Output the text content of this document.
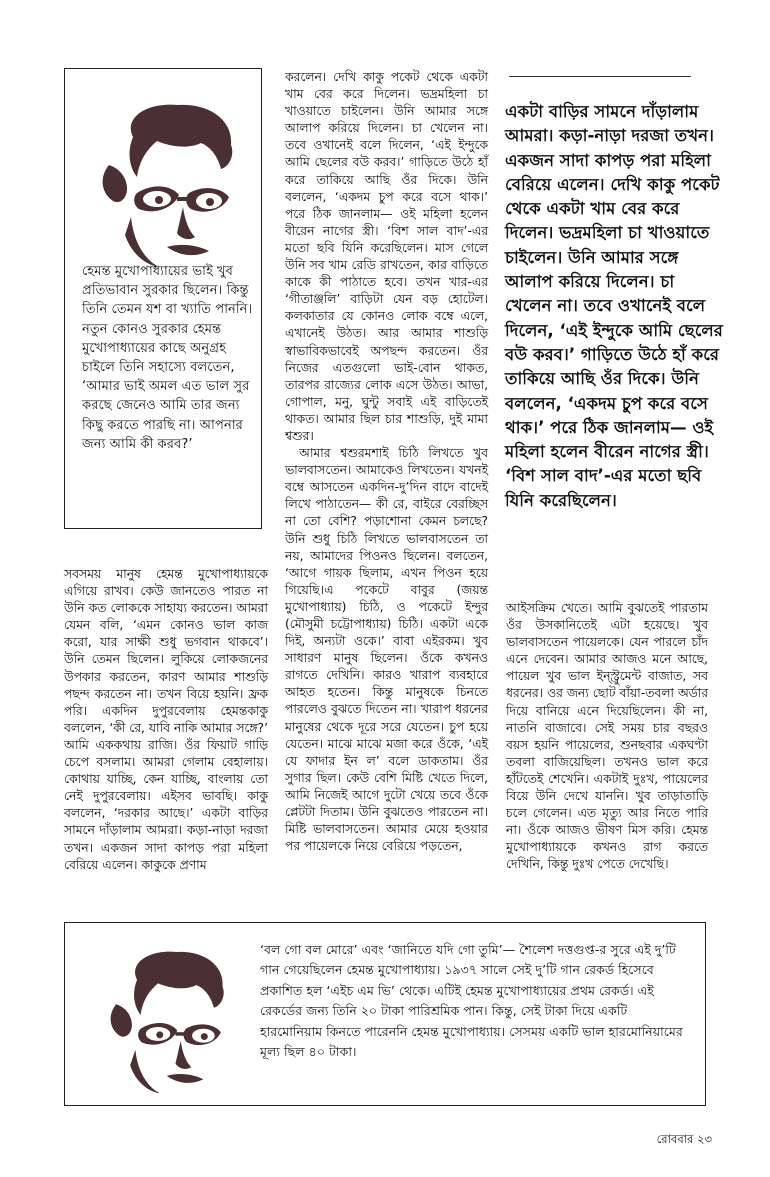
হেমন্ত মুখোপাধ্যায়ের ভাই খুব প্রতিভাবান সুরকার ছিলেন। কিন্তু তিনি তেমন যশ বা খ্যাতি পাননি। নতুন কোনও সুরকার হেমন্ত মুখোপাধ্যায়ের কাছে অনুগ্রহ চাইলে তিনি সহাস্যে বলতেন, ‘আমার ভাই অমল এত ভাল সুর করছে জেনেও আমি তার জন্য কিছু করতে পারছি না। আপনার জন্য আমি কী করব?’

করলেন। দেখি কাকু পকেট থেকে একটা খাম বের করে দিলেন। ভদ্রমহিলা চা খাওয়াতে চাইলেন। উনি আমার সঙ্গে আলাপ করিয়ে দিলেন। চা খেলেন না। তবে ওখানেই বলে দিলেন, ‘এই ইন্দুকে আমি ছেলের বউ করব।’ গাড়িতে উঠে হাঁ করে তাকিয়ে আছি ওঁর দিকে। উনি বললেন, ‘একদম চুপ করে বসে থাক।’ পরে ঠিক জানলাম— ওই মহিলা হলেন বীরেন নাগের স্ত্রী। ‘বিশ সাল বাদ’-এর মতো ছবি যিনি করেছিলেন। মাস গেলে উনি সব খাম রেডি রাখতেন, কার বাড়িতে কাকে কী পাঠাতে হবে। তখন খার-এর ‘গীতাঞ্জলি’ বাড়িটা যেন বড় হোটেল। কলকাতার যে কোনও লোক বম্বে এলে, এখানেই উঠত। আর আমার শাশুড়ি স্বাভাবিকভাবেই অপছন্দ করতেন। ওঁর নিজের এতগুলো ভাই-বোন থাকত, তারপর রাজ্যের লোক এসে উঠত। আভা, গোপাল, মনু, ঘুন্টু সবাই এই বাড়িতেই থাকত। আমার ছিল চার শাশুড়ি, দুই মামা শ্বশুর।

আমার শ্বশুরমশাই চিঠি লিখতে খুব ভালবাসতেন। আমাকেও লিখতেন। যখনই বম্বে আসতেন একদিন-দু’দিন বাদে বাদেই লিখে পাঠাতেন— কী রে, বাইরে বেরচ্ছিস না তো বেশি? পড়াশোনা কেমন চলছে? উনি শুধু চিঠি লিখতে ভালবাসতেন তা নয়, আমাদের পিওনও ছিলেন। বলতেন, ‘আগে গায়ক ছিলাম, এখন পিওন হয়ে গিয়েছি।এ পকেটে বাবুর (জয়ন্ত মুখোপাধ্যায়) চিঠি, ও পকেটে ইন্দুর (মৌসুমী চট্টোপাধ্যায়) চিঠি। একটা একে দিই, অন্যটা ওকে।’ বাবা এইরকম। খুব সাধারণ মানুষ ছিলেন। ওঁকে কখনও রাগতে দেখিনি। কারও খারাপ ব্যবহারে আহত হতেন। কিন্তু মানুষকে চিনতে পারলেও বুঝতে দিতেন না। খারাপ ধরনের মানুষের থেকে দূরে সরে যেতেন। চুপ হয়ে যেতেন। মাঝে মাঝে মজা করে ওঁকে, ‘এই যে ফাদার ইন ল’ বলে ডাকতাম। ওঁর সুগার ছিল। কেউ বেশি মিষ্টি খেতে দিলে, আমি নিজেই আগে দুটো খেয়ে তবে ওঁকে প্লেটটা দিতাম। উনি বুঝতেও পারতেন না। মিষ্টি ভালবাসতেন। আমার মেয়ে হওয়ার পর পায়েলকে নিয়ে বেরিয়ে পড়তেন,

একটা বাড়ির সামনে দাঁড়ালাম আমরা। কড়া-নাড়া দরজা তখন। একজন সাদা কাপড় পরা মহিলা বেরিয়ে এলেন। দেখি কাকু পকেট থেকে একটা খাম বের করে দিলেন। ভদ্রমহিলা চা খাওয়াতে চাইলেন। উনি আমার সঙ্গে আলাপ করিয়ে দিলেন। চা খেলেন না। তবে ওখানেই বলে দিলেন, ‘এই ইন্দুকে আমি ছেলের বউ করব।’ গাড়িতে উঠে হাঁ করে তাকিয়ে আছি ওঁর দিকে। উনি বললেন, ‘একদম চুপ করে বসে থাক।’ পরে ঠিক জানলাম— ওই মহিলা হলেন বীরেন নাগের স্ত্রী। ‘বিশ সাল বাদ’-এর মতো ছবি যিনি করেছিলেন।
সবসময় মানুষ হেমন্ত মুখোপাধ্যায়কে এগিয়ে রাখব। কেউ জানতেও পারত না উনি কত লোককে সাহায্য করতেন। আমরা যেমন বলি, ‘এমন কোনও ভাল কাজ করো, যার সাক্ষী শুধু ভগবান থাকবে’। উনি তেমন ছিলেন। লুকিয়ে লোকজনের উপকার করতেন, কারণ আমার শাশুড়ি পছন্দ করতেন না। তখন বিয়ে হয়নি। ফ্রক পরি। একদিন দুপুরবেলায় হেমন্তকাকু বললেন, ‘কী রে, যাবি নাকি আমার সঙ্গে?’ আমি এককথায় রাজি। ওঁর ফিয়াট গাড়ি চেপে বসলাম। আমরা গেলাম বেহালায়। কোথায় যাচ্ছি, কেন যাচ্ছি, বাংলায় তো নেই দুপুরবেলায়। এইসব ভাবছি। কাকু বললেন, ‘দরকার আছে।’ একটা বাড়ির সামনে দাঁড়ালাম আমরা। কড়া-নাড়া দরজা তখন। একজন সাদা কাপড় পরা মহিলা বেরিয়ে এলেন। কাকুকে প্রণাম
আইসক্রিম খেতে। আমি বুঝতেই পারতাম ওঁর উসকানিতেই এটা হয়েছে। খুব ভালবাসতেন পায়েলকে। যেন পারলে চাঁদ এনে দেবেন। আমার আজও মনে আছে, পায়েল খুব ভাল ইন্স্ট্রুমেন্ট বাজাত, সব ধরনের। ওর জন্য ছোট বাঁয়া-তবলা অর্ডার দিয়ে বানিয়ে এনে দিয়েছিলেন। কী না, নাতনি বাজাবে। সেই সময় চার বছরও বয়স হয়নি পায়েলের, শুনছবার একঘণ্টা তবলা বাজিয়েছিল। তখনও ভাল করে হাঁটতেই শেখেনি। একটাই দুঃখ, পায়েলের বিয়ে উনি দেখে যাননি। খুব তাড়াতাড়ি চলে গেলেন। এত মৃত্যু আর নিতে পারি না। ওঁকে আজও ভীষণ মিস করি। হেমন্ত মুখোপাধ্যায়কে কখনও রাগ করতে দেখিনি, কিন্তু দুঃখ পেতে দেখেছি।
‘বল গো বল মোরে’ এবং ‘জানিতে যদি গো তুমি’— শৈলেশ দত্তগুপ্ত-র সুরে এই দু’টি গান গেয়েছিলেন হেমন্ত মুখোপাধ্যায়। ১৯৩৭ সালে সেই দু’টি গান রেকর্ড হিসেবে প্রকাশিত হল ‘এইচ এম ভি’ থেকে। এটিই হেমন্ত মুখোপাধ্যায়ের প্রথম রেকর্ড। এই রেকর্ডের জন্য তিনি ২০ টাকা পারিশ্রমিক পান। কিন্তু, সেই টাকা দিয়ে একটি হারমোনিয়াম কিনতে পারেননি হেমন্ত মুখোপাধ্যায়। সেসময় একটি ভাল হারমোনিয়ামের মূল্য ছিল ৪০ টাকা।
রোববার ২৩
